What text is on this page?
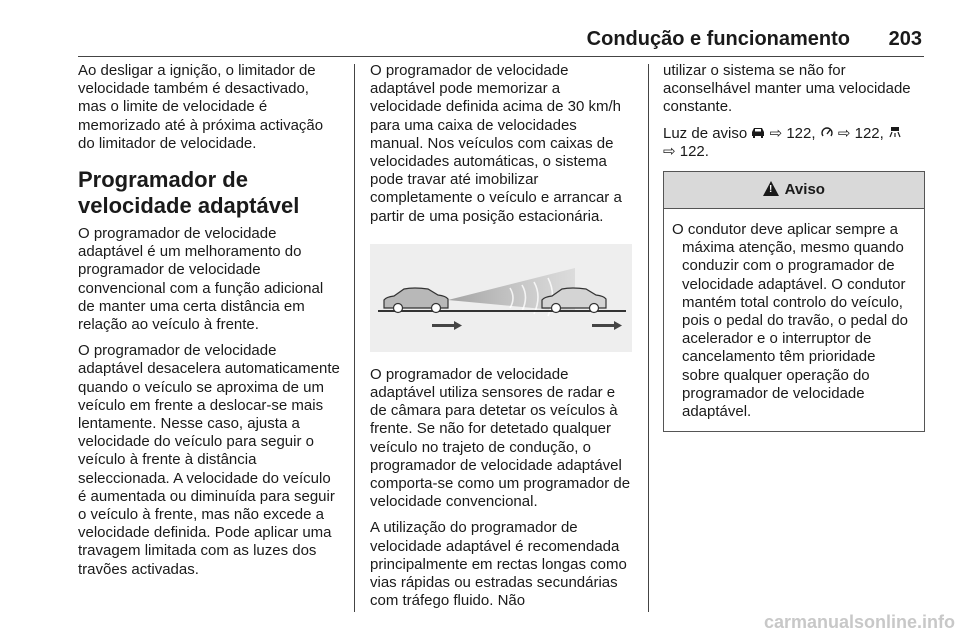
Condução e funcionamento	203

Ao desligar a ignição, o limitador de velocidade também é desactivado, mas o limite de velocidade é memorizado até à próxima activação do limitador de velocidade.

Programador de velocidade adaptável

O programador de velocidade adaptável é um melhoramento do programador de velocidade convencional com a função adicional de manter uma certa distância em relação ao veículo à frente.

O programador de velocidade adaptável desacelera automaticamente quando o veículo se aproxima de um veículo em frente a deslocar-se mais lentamente. Nesse caso, ajusta a velocidade do veículo para seguir o veículo à frente à distância seleccionada. A velocidade do veículo é aumentada ou diminuída para seguir o veículo à frente, mas não excede a velocidade definida. Pode aplicar uma travagem limitada com as luzes dos travões activadas.

O programador de velocidade adaptável pode memorizar a velocidade definida acima de 30 km/h para uma caixa de velocidades manual. Nos veículos com caixas de velocidades automáticas, o sistema pode travar até imobilizar completamente o veículo e arrancar a partir de uma posição estacionária.

O programador de velocidade adaptável utiliza sensores de radar e de câmara para detetar os veículos à frente. Se não for detetado qualquer veículo no trajeto de condução, o programador de velocidade adaptável comporta-se como um programador de velocidade convencional.

A utilização do programador de velocidade adaptável é recomendada principalmente em rectas longas como vias rápidas ou estradas secundárias com tráfego fluido. Não

utilizar o sistema se não for aconselhável manter uma velocidade constante.

Luz de aviso ⇨ 122, ⇨ 122,
⇨ 122.

! Aviso

O condutor deve aplicar sempre a máxima atenção, mesmo quando conduzir com o programador de velocidade adaptável. O condutor mantém total controlo do veículo, pois o pedal do travão, o pedal do acelerador e o interruptor de cancelamento têm prioridade sobre qualquer operação do programador de velocidade adaptável.

carmanualsonline.info
